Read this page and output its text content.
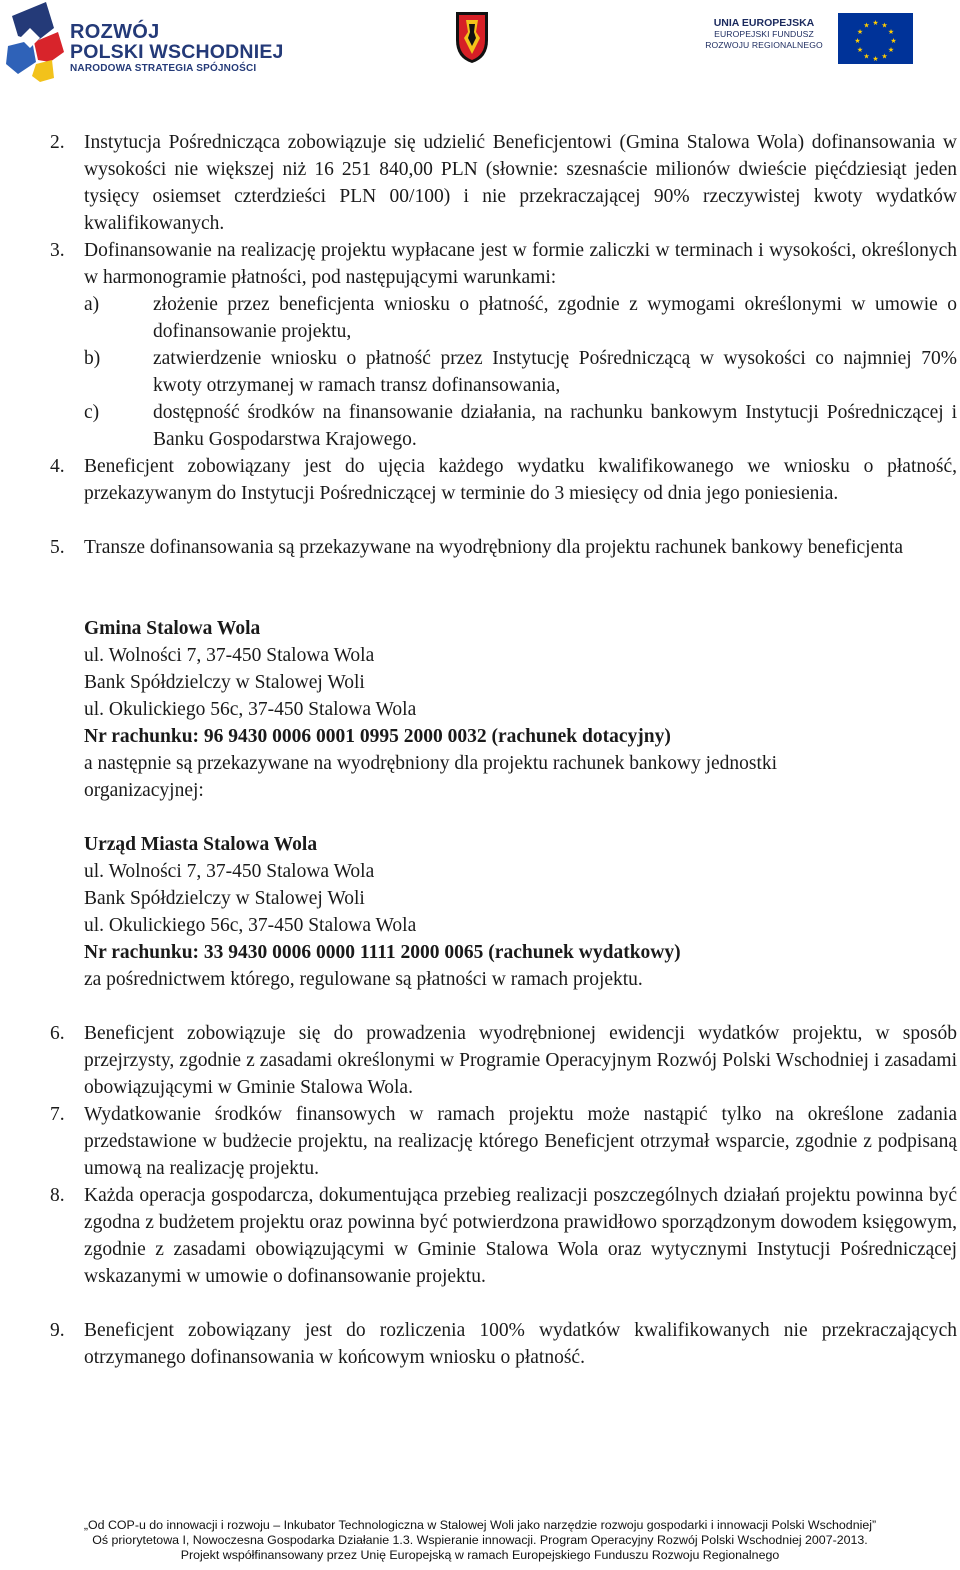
ROZWÓJ
POLSKI WSCHODNIEJ
NARODOWA STRATEGIA SPÓJNOŚCI
UNIA EUROPEJSKA
EUROPEJSKI FUNDUSZ
ROZWOJU REGIONALNEGO
★ ★
★
★
★
★
★
★
★
★
★
★
2. Instytucja Pośrednicząca zobowiązuje się udzielić Beneficjentowi (Gmina Stalowa Wola) dofinansowania w wysokości nie większej niż 16 251 840,00 PLN (słownie: szesnaście milionów dwieście pięćdziesiąt jeden tysięcy osiemset czterdzieści PLN 00/100) i nie przekraczającej 90% rzeczywistej kwoty wydatków kwalifikowanych.
3. Dofinansowanie na realizację projektu wypłacane jest w formie zaliczki w terminach i wysokości, określonych w harmonogramie płatności, pod następującymi warunkami:
a)	złożenie przez beneficjenta wniosku o płatność, zgodnie z wymogami określonymi w umowie o dofinansowanie projektu,
b)	zatwierdzenie wniosku o płatność przez Instytucję Pośredniczącą w wysokości co najmniej 70% kwoty otrzymanej w ramach transz dofinansowania,
c)	dostępność środków na finansowanie działania, na rachunku bankowym Instytucji Pośredniczącej i Banku Gospodarstwa Krajowego.
4. Beneficjent zobowiązany jest do ujęcia każdego wydatku kwalifikowanego we wniosku o płatność, przekazywanym do Instytucji Pośredniczącej w terminie do 3 miesięcy od dnia jego poniesienia.
5. Transze dofinansowania są przekazywane na wyodrębniony dla projektu rachunek bankowy beneficjenta
Gmina Stalowa Wola
ul. Wolności 7, 37-450 Stalowa Wola
Bank Spółdzielczy w Stalowej Woli
ul. Okulickiego 56c, 37-450 Stalowa Wola
Nr rachunku: 96 9430 0006 0001 0995 2000 0032 (rachunek dotacyjny)
a następnie są przekazywane na wyodrębniony dla projektu rachunek bankowy jednostki
organizacyjnej:
Urząd Miasta Stalowa Wola
ul. Wolności 7, 37-450 Stalowa Wola
Bank Spółdzielczy w Stalowej Woli
ul. Okulickiego 56c, 37-450 Stalowa Wola
Nr rachunku: 33 9430 0006 0000 1111 2000 0065 (rachunek wydatkowy)
za pośrednictwem którego, regulowane są płatności w ramach projektu.
6. Beneficjent zobowiązuje się do prowadzenia wyodrębnionej ewidencji wydatków projektu, w sposób przejrzysty, zgodnie z zasadami określonymi w Programie Operacyjnym Rozwój Polski Wschodniej i zasadami obowiązującymi w Gminie Stalowa Wola.
7. Wydatkowanie środków finansowych w ramach projektu może nastąpić tylko na określone zadania przedstawione w budżecie projektu, na realizację którego Beneficjent otrzymał wsparcie, zgodnie z podpisaną umową na realizację projektu.
8. Każda operacja gospodarcza, dokumentująca przebieg realizacji poszczególnych działań projektu powinna być zgodna z budżetem projektu oraz powinna być potwierdzona prawidłowo sporządzonym dowodem księgowym, zgodnie z zasadami obowiązującymi w Gminie Stalowa Wola oraz wytycznymi Instytucji Pośredniczącej wskazanymi w umowie o dofinansowanie projektu.
9. Beneficjent zobowiązany jest do rozliczenia 100% wydatków kwalifikowanych nie przekraczających otrzymanego dofinansowania w końcowym wniosku o płatność.
„Od COP-u do innowacji i rozwoju – Inkubator Technologiczna w Stalowej Woli jako narzędzie rozwoju gospodarki i innowacji Polski Wschodniej”
Oś priorytetowa I, Nowoczesna Gospodarka Działanie 1.3. Wspieranie innowacji. Program Operacyjny Rozwój Polski Wschodniej 2007-2013.
Projekt współfinansowany przez Unię Europejską w ramach Europejskiego Funduszu Rozwoju Regionalnego
